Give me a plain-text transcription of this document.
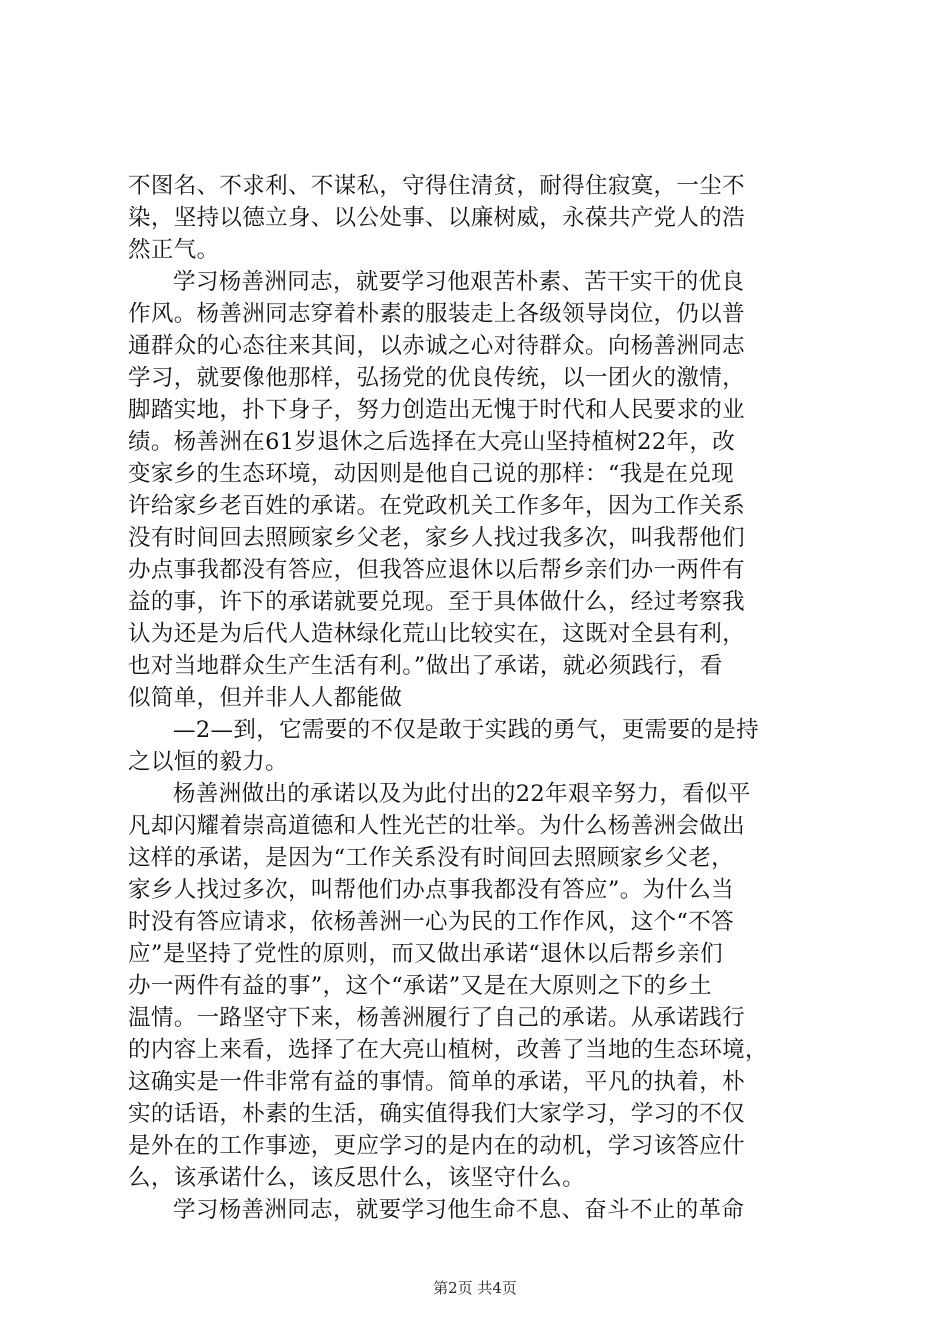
不图名、不求利、不谋私，守得住清贫，耐得住寂寞，一尘不
染，坚持以德立身、以公处事、以廉树威，永葆共产党人的浩
然正气。
学习杨善洲同志，就要学习他艰苦朴素、苦干实干的优良
作风。杨善洲同志穿着朴素的服装走上各级领导岗位，仍以普
通群众的心态往来其间，以赤诚之心对待群众。向杨善洲同志
学习，就要像他那样，弘扬党的优良传统，以一团火的激情，
脚踏实地，扑下身子，努力创造出无愧于时代和人民要求的业
绩。杨善洲在61岁退休之后选择在大亮山坚持植树22年，改
变家乡的生态环境，动因则是他自己说的那样：“我是在兑现
许给家乡老百姓的承诺。在党政机关工作多年，因为工作关系
没有时间回去照顾家乡父老，家乡人找过我多次，叫我帮他们
办点事我都没有答应，但我答应退休以后帮乡亲们办一两件有
益的事，许下的承诺就要兑现。至于具体做什么，经过考察我
认为还是为后代人造林绿化荒山比较实在，这既对全县有利，
也对当地群众生产生活有利。”做出了承诺，就必须践行，看
似简单，但并非人人都能做
—2—到，它需要的不仅是敢于实践的勇气，更需要的是持
之以恒的毅力。
杨善洲做出的承诺以及为此付出的22年艰辛努力，看似平
凡却闪耀着崇高道德和人性光芒的壮举。为什么杨善洲会做出
这样的承诺，是因为“工作关系没有时间回去照顾家乡父老，
家乡人找过多次，叫帮他们办点事我都没有答应”。为什么当
时没有答应请求，依杨善洲一心为民的工作作风，这个“不答
应”是坚持了党性的原则，而又做出承诺“退休以后帮乡亲们
办一两件有益的事”，这个“承诺”又是在大原则之下的乡土
温情。一路坚守下来，杨善洲履行了自己的承诺。从承诺践行
的内容上来看，选择了在大亮山植树，改善了当地的生态环境，
这确实是一件非常有益的事情。简单的承诺，平凡的执着，朴
实的话语，朴素的生活，确实值得我们大家学习，学习的不仅
是外在的工作事迹，更应学习的是内在的动机，学习该答应什
么，该承诺什么，该反思什么，该坚守什么。
学习杨善洲同志，就要学习他生命不息、奋斗不止的革命
第2页 共4页
